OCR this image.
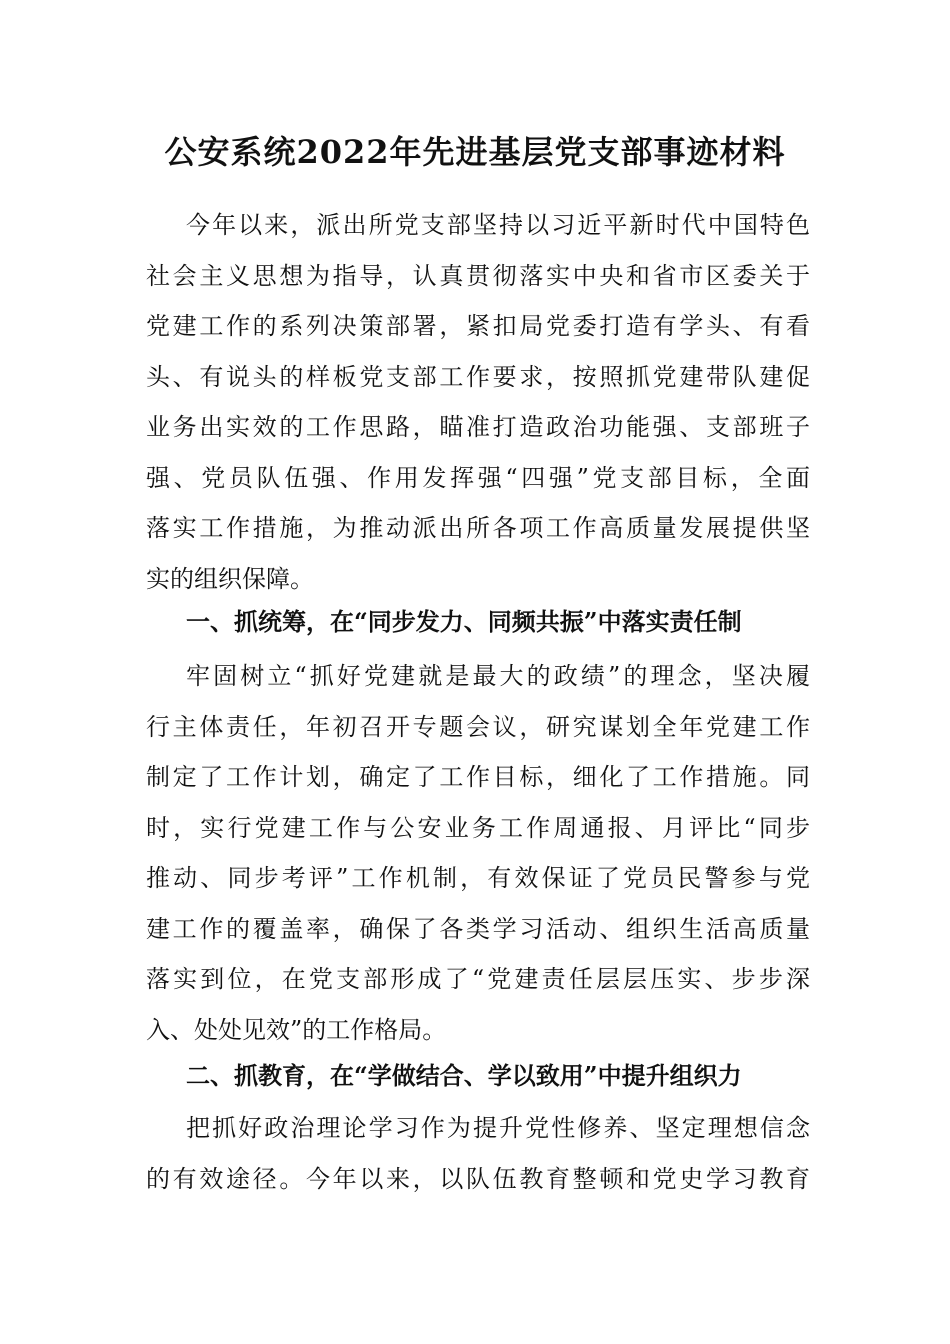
公安系统2022年先进基层党支部事迹材料
今年以来，派出所党支部坚持以习近平新时代中国特色
社会主义思想为指导，认真贯彻落实中央和省市区委关于
党建工作的系列决策部署，紧扣局党委打造有学头、有看
头、有说头的样板党支部工作要求，按照抓党建带队建促
业务出实效的工作思路，瞄准打造政治功能强、支部班子
强、党员队伍强、作用发挥强“四强”党支部目标，全面
落实工作措施，为推动派出所各项工作高质量发展提供坚
实的组织保障。
一、抓统筹，在“同步发力、同频共振”中落实责任制
牢固树立“抓好党建就是最大的政绩”的理念，坚决履
行主体责任，年初召开专题会议，研究谋划全年党建工作
制定了工作计划，确定了工作目标，细化了工作措施。同
时，实行党建工作与公安业务工作周通报、月评比“同步
推动、同步考评”工作机制，有效保证了党员民警参与党
建工作的覆盖率，确保了各类学习活动、组织生活高质量
落实到位，在党支部形成了“党建责任层层压实、步步深
入、处处见效”的工作格局。
二、抓教育，在“学做结合、学以致用”中提升组织力
把抓好政治理论学习作为提升党性修养、坚定理想信念
的有效途径。今年以来，以队伍教育整顿和党史学习教育
